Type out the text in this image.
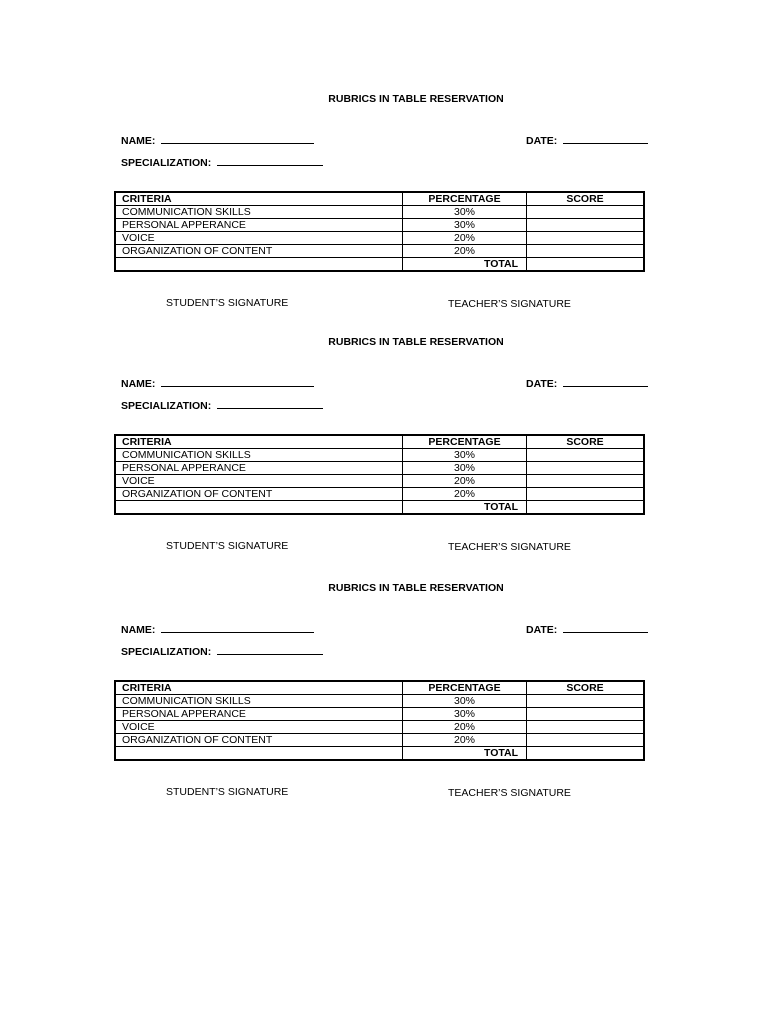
RUBRICS IN TABLE RESERVATION
NAME:	DATE:
SPECIALIZATION:
CRITERIA	PERCENTAGE	SCORE
COMMUNICATION SKILLS	30%	
PERSONAL APPERANCE	30%	
VOICE	20%	
ORGANIZATION OF CONTENT	20%	
	TOTAL	
STUDENT’S SIGNATURE	TEACHER’S SIGNATURE
RUBRICS IN TABLE RESERVATION
NAME:	DATE:
SPECIALIZATION:
CRITERIA	PERCENTAGE	SCORE
COMMUNICATION SKILLS	30%	
PERSONAL APPERANCE	30%	
VOICE	20%	
ORGANIZATION OF CONTENT	20%	
	TOTAL	
STUDENT’S SIGNATURE	TEACHER’S SIGNATURE
RUBRICS IN TABLE RESERVATION
NAME:	DATE:
SPECIALIZATION:
CRITERIA	PERCENTAGE	SCORE
COMMUNICATION SKILLS	30%	
PERSONAL APPERANCE	30%	
VOICE	20%	
ORGANIZATION OF CONTENT	20%	
	TOTAL	
STUDENT’S SIGNATURE	TEACHER’S SIGNATURE
